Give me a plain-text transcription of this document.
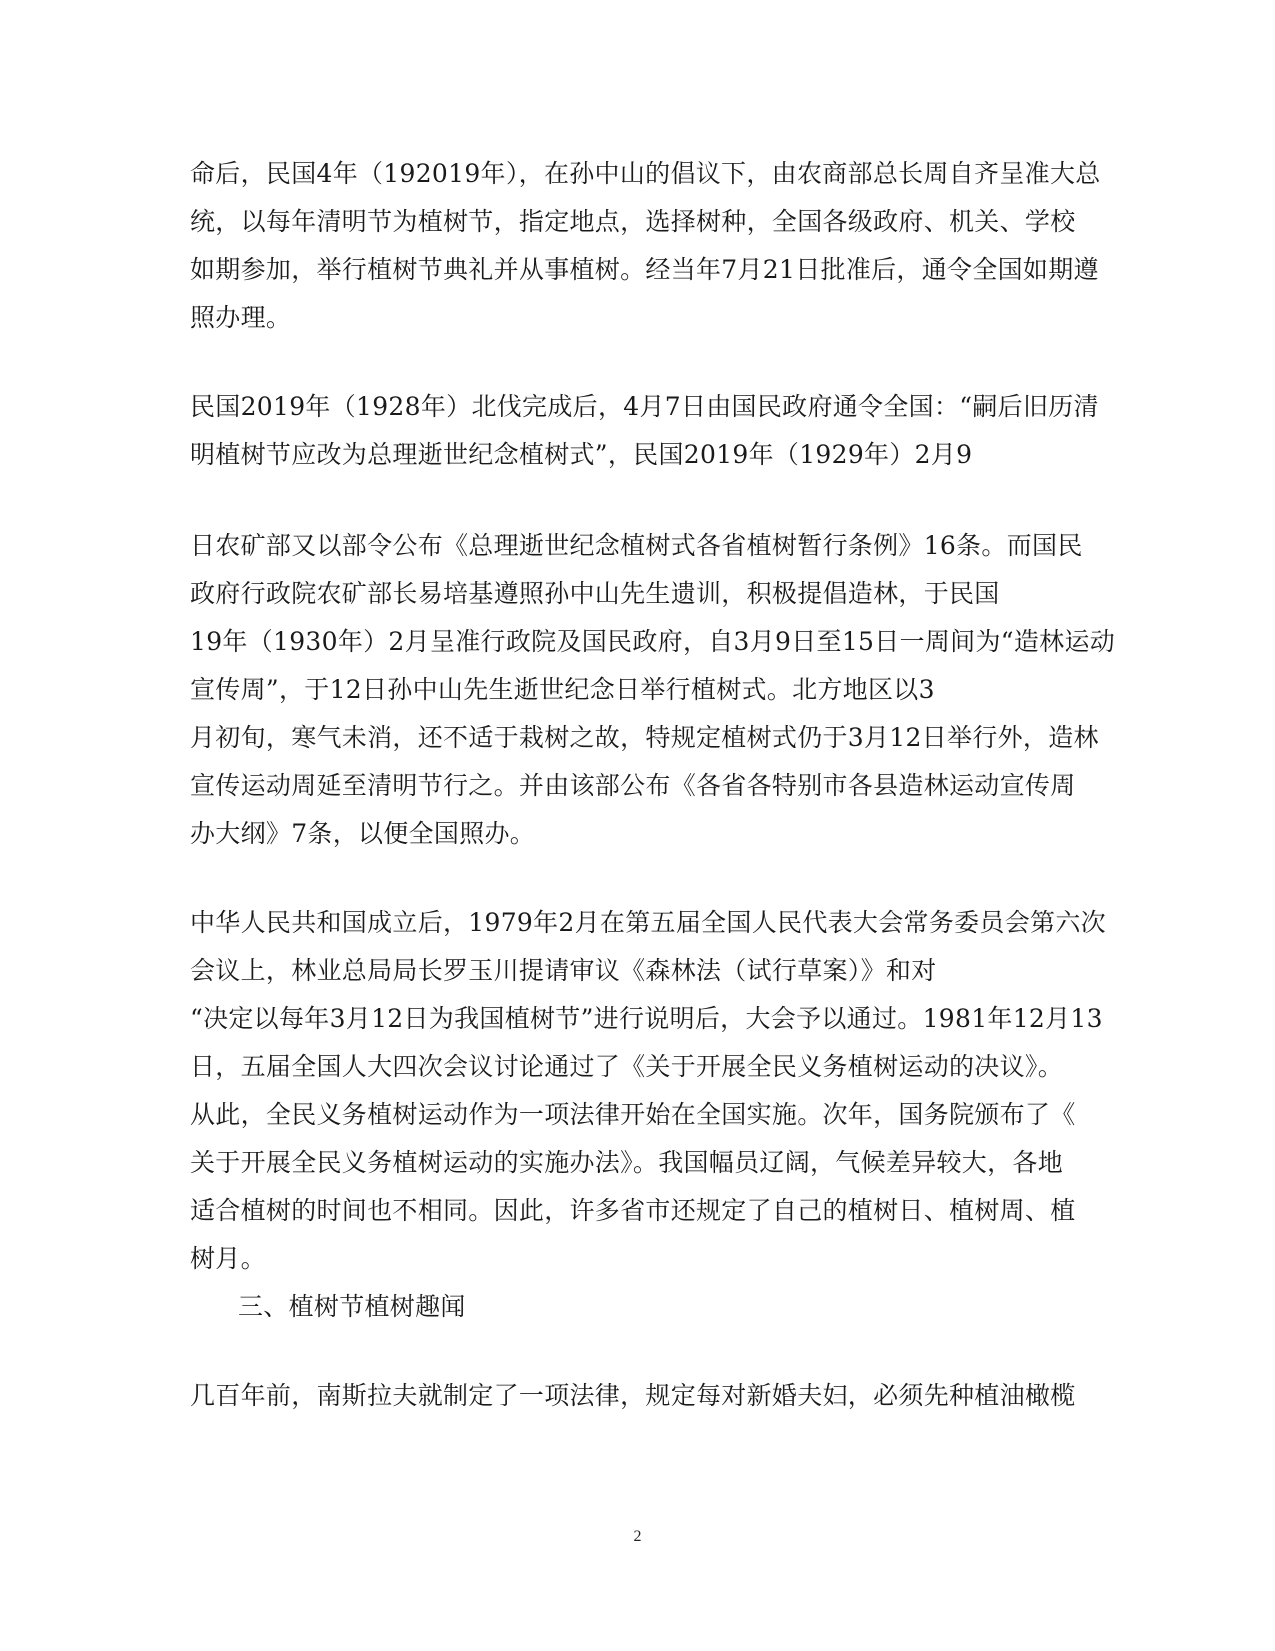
命后，民国4年（192019年），在孙中山的倡议下，由农商部总长周自齐呈准大总
统，以每年清明节为植树节，指定地点，选择树种，全国各级政府、机关、学校
如期参加，举行植树节典礼并从事植树。经当年7月21日批准后，通令全国如期遵
照办理。
民国2019年（1928年）北伐完成后，4月7日由国民政府通令全国：“嗣后旧历清
明植树节应改为总理逝世纪念植树式”，民国2019年（1929年）2月9
日农矿部又以部令公布《总理逝世纪念植树式各省植树暂行条例》16条。而国民
政府行政院农矿部长易培基遵照孙中山先生遗训，积极提倡造林，于民国
19年（1930年）2月呈准行政院及国民政府，自3月9日至15日一周间为“造林运动
宣传周”，于12日孙中山先生逝世纪念日举行植树式。北方地区以3
月初旬，寒气未消，还不适于栽树之故，特规定植树式仍于3月12日举行外，造林
宣传运动周延至清明节行之。并由该部公布《各省各特别市各县造林运动宣传周
办大纲》7条，以便全国照办。
中华人民共和国成立后，1979年2月在第五届全国人民代表大会常务委员会第六次
会议上，林业总局局长罗玉川提请审议《森林法（试行草案）》和对
“决定以每年3月12日为我国植树节”进行说明后，大会予以通过。1981年12月13
日，五届全国人大四次会议讨论通过了《关于开展全民义务植树运动的决议》。
从此，全民义务植树运动作为一项法律开始在全国实施。次年，国务院颁布了《
关于开展全民义务植树运动的实施办法》。我国幅员辽阔，气候差异较大，各地
适合植树的时间也不相同。因此，许多省市还规定了自己的植树日、植树周、植
树月。
三、植树节植树趣闻
几百年前，南斯拉夫就制定了一项法律，规定每对新婚夫妇，必须先种植油橄榄
2
